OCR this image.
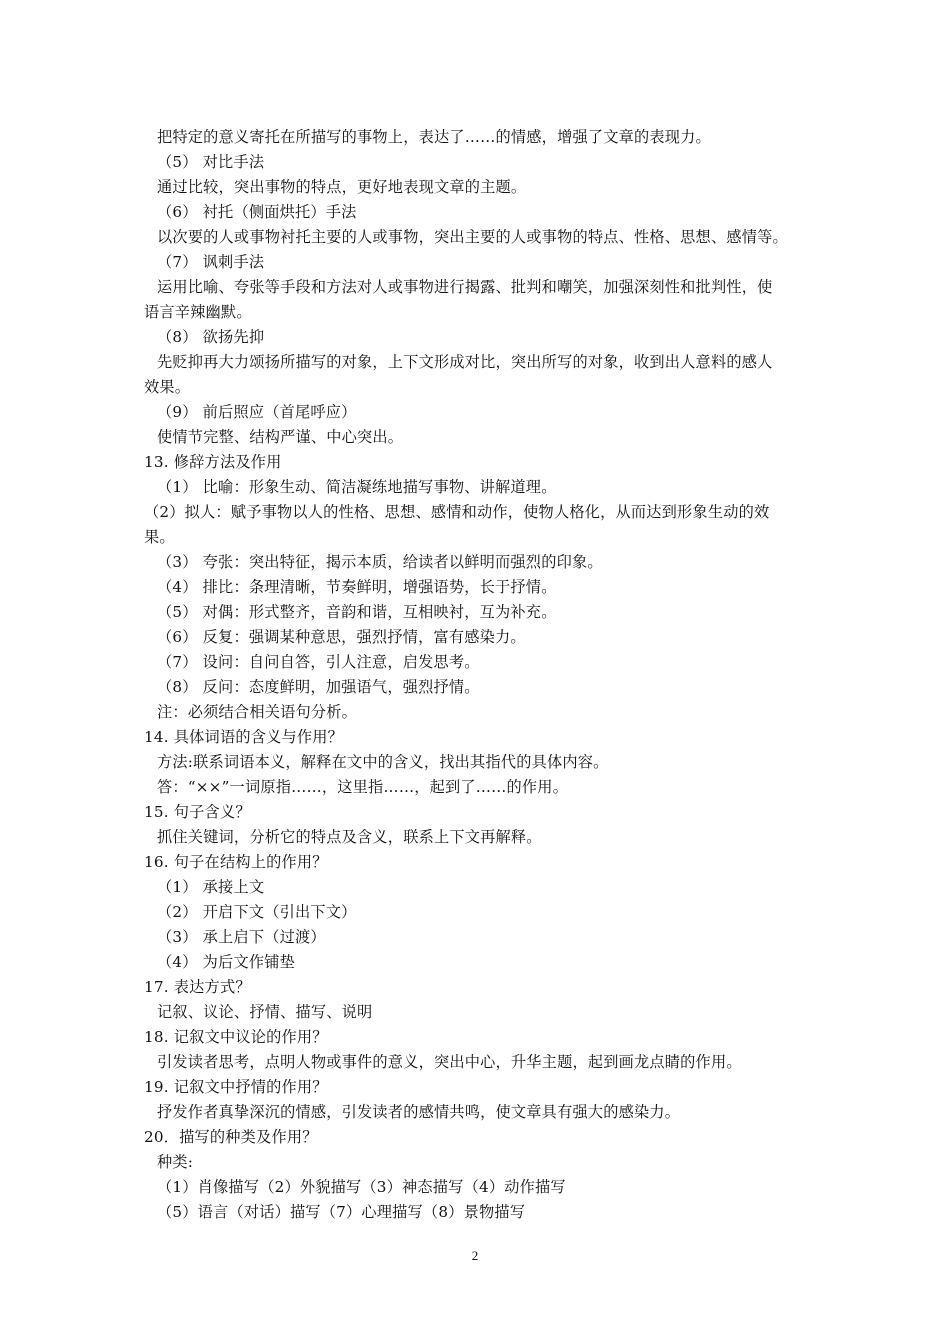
把特定的意义寄托在所描写的事物上，表达了……的情感，增强了文章的表现力。
（5） 对比手法
通过比较，突出事物的特点，更好地表现文章的主题。
（6） 衬托（侧面烘托）手法
以次要的人或事物衬托主要的人或事物，突出主要的人或事物的特点、性格、思想、感情等。
（7） 讽刺手法
运用比喻、夸张等手段和方法对人或事物进行揭露、批判和嘲笑，加强深刻性和批判性，使
语言辛辣幽默。
（8） 欲扬先抑
先贬抑再大力颂扬所描写的对象，上下文形成对比，突出所写的对象，收到出人意料的感人
效果。
（9） 前后照应（首尾呼应）
使情节完整、结构严谨、中心突出。
13. 修辞方法及作用
（1） 比喻：形象生动、简洁凝练地描写事物、讲解道理。
（2）拟人：赋予事物以人的性格、思想、感情和动作，使物人格化，从而达到形象生动的效
果。
（3） 夸张：突出特征，揭示本质，给读者以鲜明而强烈的印象。
（4） 排比：条理清晰，节奏鲜明，增强语势，长于抒情。
（5） 对偶：形式整齐，音韵和谐，互相映衬，互为补充。
（6） 反复：强调某种意思，强烈抒情，富有感染力。
（7） 设问：自问自答，引人注意，启发思考。
（8） 反问：态度鲜明，加强语气，强烈抒情。
注：必须结合相关语句分析。
14. 具体词语的含义与作用？
方法:联系词语本义，解释在文中的含义，找出其指代的具体内容。
答：“××”一词原指……，这里指……，起到了……的作用。
15. 句子含义？
抓住关键词，分析它的特点及含义，联系上下文再解释。
16. 句子在结构上的作用？
（1） 承接上文
（2） 开启下文（引出下文）
（3） 承上启下（过渡）
（4） 为后文作铺垫
17. 表达方式？
记叙、议论、抒情、描写、说明
18. 记叙文中议论的作用？
引发读者思考，点明人物或事件的意义，突出中心，升华主题，起到画龙点睛的作用。
19. 记叙文中抒情的作用？
抒发作者真挚深沉的情感，引发读者的感情共鸣，使文章具有强大的感染力。
20．描写的种类及作用？
种类:
（1）肖像描写（2）外貌描写（3）神态描写（4）动作描写
（5）语言（对话）描写（7）心理描写（8）景物描写
2
